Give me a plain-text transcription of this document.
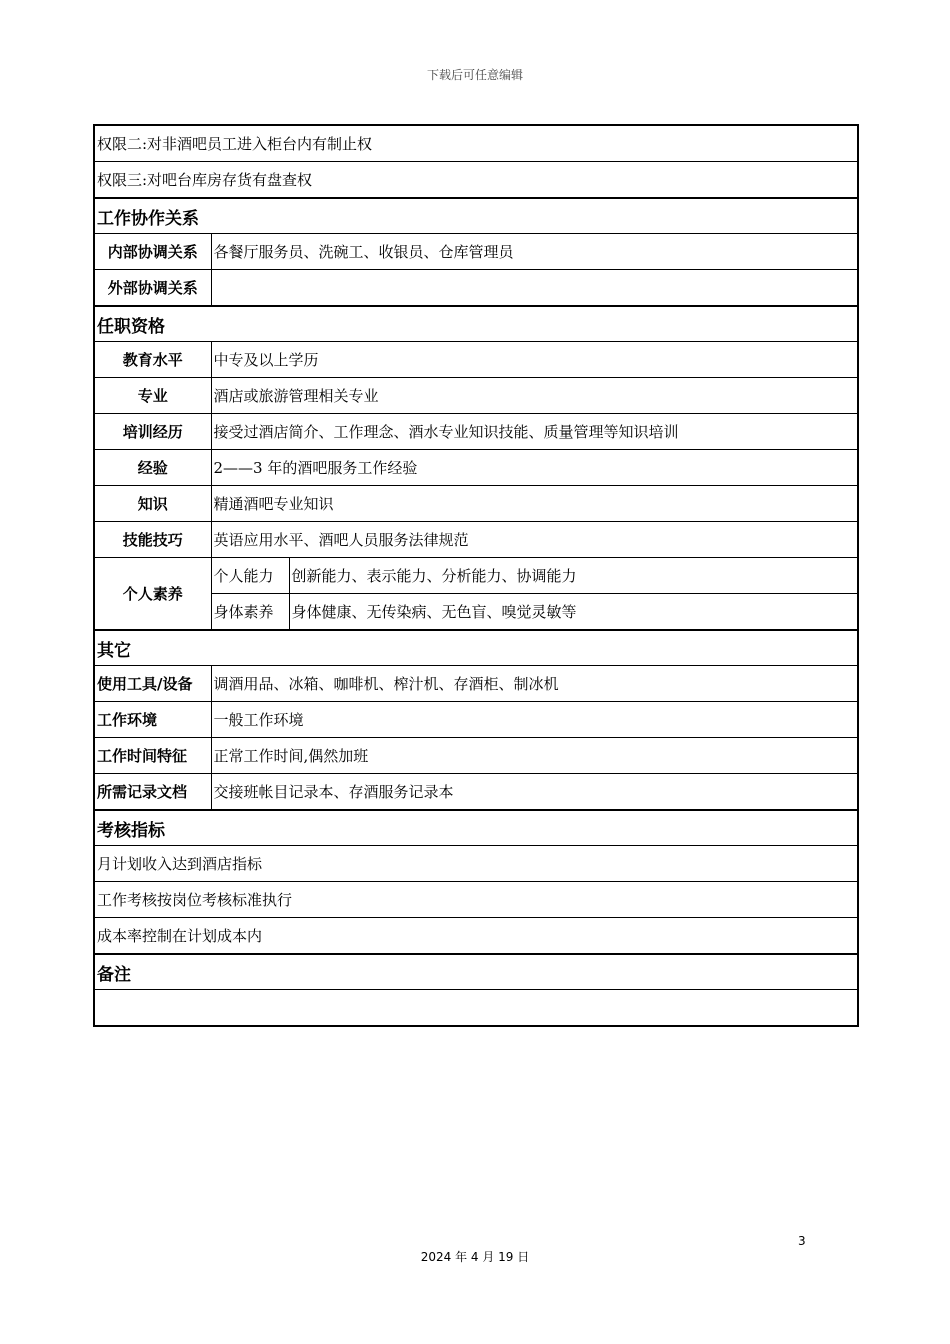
下载后可任意编辑
权限二:对非酒吧员工进入柜台内有制止权		
权限三:对吧台库房存货有盘查权		
工作协作关系		
内部协调关系	各餐厅服务员、洗碗工、收银员、仓库管理员	
外部协调关系		
任职资格		
教育水平	中专及以上学历	
专业	酒店或旅游管理相关专业	
培训经历	接受过酒店简介、工作理念、酒水专业知识技能、质量管理等知识培训	
经验	2——3 年的酒吧服务工作经验	
知识	精通酒吧专业知识	
技能技巧	英语应用水平、酒吧人员服务法律规范	
个人素养	个人能力	创新能力、表示能力、分析能力、协调能力
	身体素养	身体健康、无传染病、无色盲、嗅觉灵敏等
其它		
使用工具/设备	调酒用品、冰箱、咖啡机、榨汁机、存酒柜、制冰机	
工作环境	一般工作环境	
工作时间特征	正常工作时间,偶然加班	
所需记录文档	交接班帐目记录本、存酒服务记录本	
考核指标		
月计划收入达到酒店指标		
工作考核按岗位考核标准执行		
成本率控制在计划成本内		
备注		

3
2024 年 4 月 19 日
